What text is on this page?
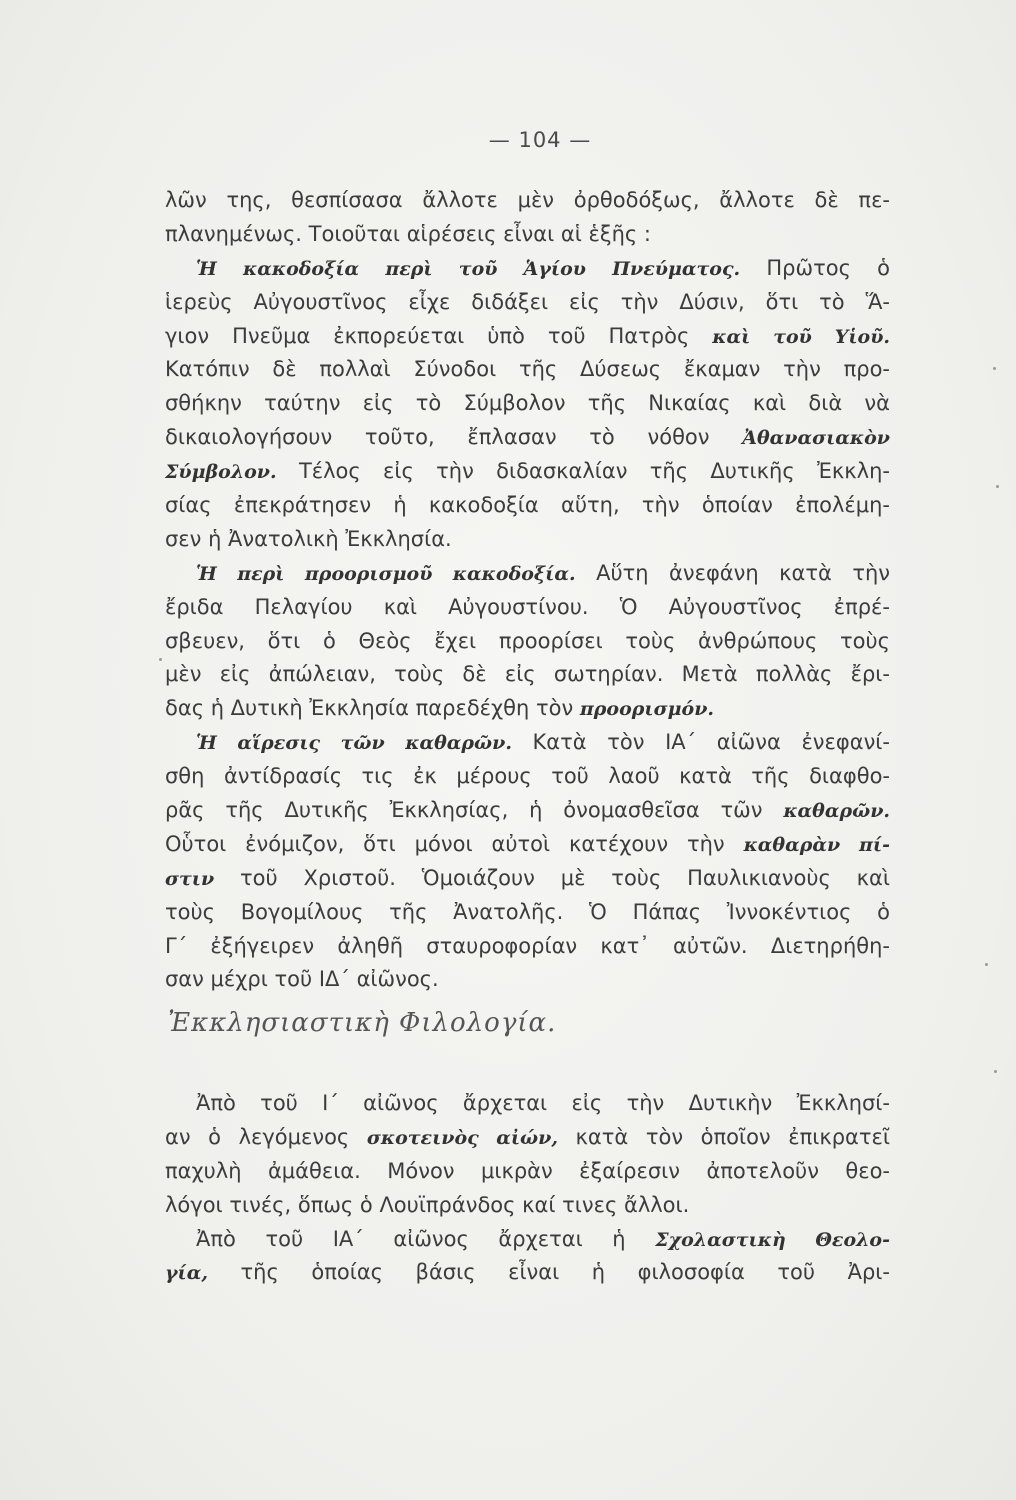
— 104 —
λῶν της, θεσπίσασα ἄλλοτε μὲν ὀρθοδόξως, ἄλλοτε δὲ πε-
πλανημένως. Τοιοῦται αἱρέσεις εἶναι αἱ ἑξῆς :
Ἡ κακοδοξία περὶ τοῦ Ἁγίου Πνεύματος. Πρῶτος ὁ
ἱερεὺς Αὐγουστῖνος εἶχε διδάξει εἰς τὴν Δύσιν, ὅτι τὸ Ἅ-
γιον Πνεῦμα ἐκπορεύεται ὑπὸ τοῦ Πατρὸς καὶ τοῦ Υἱοῦ.
Κατόπιν δὲ πολλαὶ Σύνοδοι τῆς Δύσεως ἔκαμαν τὴν προ-
σθήκην ταύτην εἰς τὸ Σύμβολον τῆς Νικαίας καὶ διὰ νὰ
δικαιολογήσουν τοῦτο, ἔπλασαν τὸ νόθον Ἀθανασιακὸν
Σύμβολον. Τέλος εἰς τὴν διδασκαλίαν τῆς Δυτικῆς Ἐκκλη-
σίας ἐπεκράτησεν ἡ κακοδοξία αὕτη, τὴν ὁποίαν ἐπολέμη-
σεν ἡ Ἀνατολικὴ Ἐκκλησία.
Ἡ περὶ προορισμοῦ κακοδοξία. Αὕτη ἀνεφάνη κατὰ τὴν
ἔριδα Πελαγίου καὶ Αὐγουστίνου. Ὁ Αὐγουστῖνος ἐπρέ-
σβευεν, ὅτι ὁ Θεὸς ἔχει προορίσει τοὺς ἀνθρώπους τοὺς
μὲν εἰς ἀπώλειαν, τοὺς δὲ εἰς σωτηρίαν. Μετὰ πολλὰς ἔρι-
δας ἡ Δυτικὴ Ἐκκλησία παρεδέχθη τὸν προορισμόν.
Ἡ αἵρεσις τῶν καθαρῶν. Κατὰ τὸν ΙΑ´ αἰῶνα ἐνεφανί-
σθη ἀντίδρασίς τις ἐκ μέρους τοῦ λαοῦ κατὰ τῆς διαφθο-
ρᾶς τῆς Δυτικῆς Ἐκκλησίας, ἡ ὀνομασθεῖσα τῶν καθαρῶν.
Οὗτοι ἐνόμιζον, ὅτι μόνοι αὐτοὶ κατέχουν τὴν καθαρὰν πί-
στιν τοῦ Χριστοῦ. Ὁμοιάζουν μὲ τοὺς Παυλικιανοὺς καὶ
τοὺς Βογομίλους τῆς Ἀνατολῆς. Ὁ Πάπας Ἰννοκέντιος ὁ
Γ´ ἐξήγειρεν ἀληθῆ σταυροφορίαν κατ᾿ αὐτῶν. Διετηρήθη-
σαν μέχρι τοῦ ΙΔ´ αἰῶνος.
Ἐκκλησιαστικὴ Φιλολογία.
Ἀπὸ τοῦ Ι´ αἰῶνος ἄρχεται εἰς τὴν Δυτικὴν Ἐκκλησί-
αν ὁ λεγόμενος σκοτεινὸς αἰών, κατὰ τὸν ὁποῖον ἐπικρατεῖ
παχυλὴ ἀμάθεια. Μόνον μικρὰν ἐξαίρεσιν ἀποτελοῦν θεο-
λόγοι τινές, ὅπως ὁ Λουϊπράνδος καί τινες ἄλλοι.
Ἀπὸ τοῦ ΙΑ´ αἰῶνος ἄρχεται ἡ Σχολαστικὴ Θεολο-
γία, τῆς ὁποίας βάσις εἶναι ἡ φιλοσοφία τοῦ Ἀρι-
